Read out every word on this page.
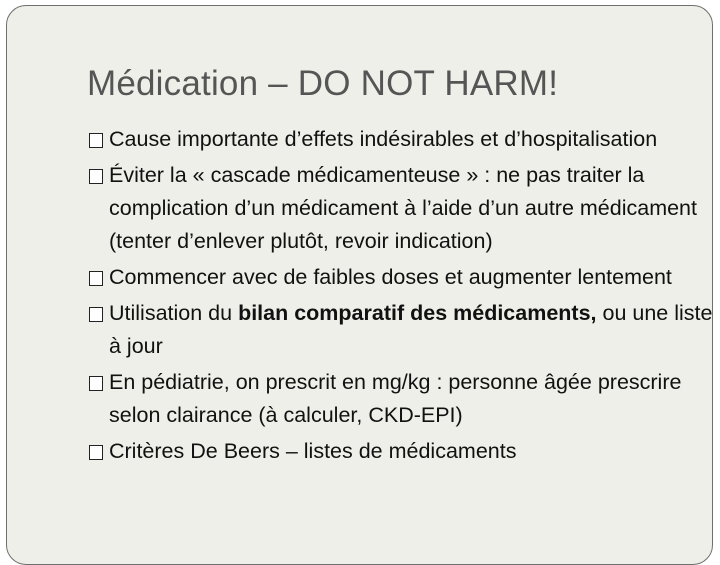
Médication – DO NOT HARM!
Cause importante d’effets indésirables et d’hospitalisation
Éviter la « cascade médicamenteuse » : ne pas traiter la complication d’un médicament à l’aide d’un autre médicament (tenter d’enlever plutôt, revoir indication)
Commencer avec de faibles doses et augmenter lentement
Utilisation du bilan comparatif des médicaments, ou une liste à jour
En pédiatrie, on prescrit en mg/kg : personne âgée prescrire selon clairance (à calculer, CKD-EPI)
Critères De Beers – listes de médicaments
